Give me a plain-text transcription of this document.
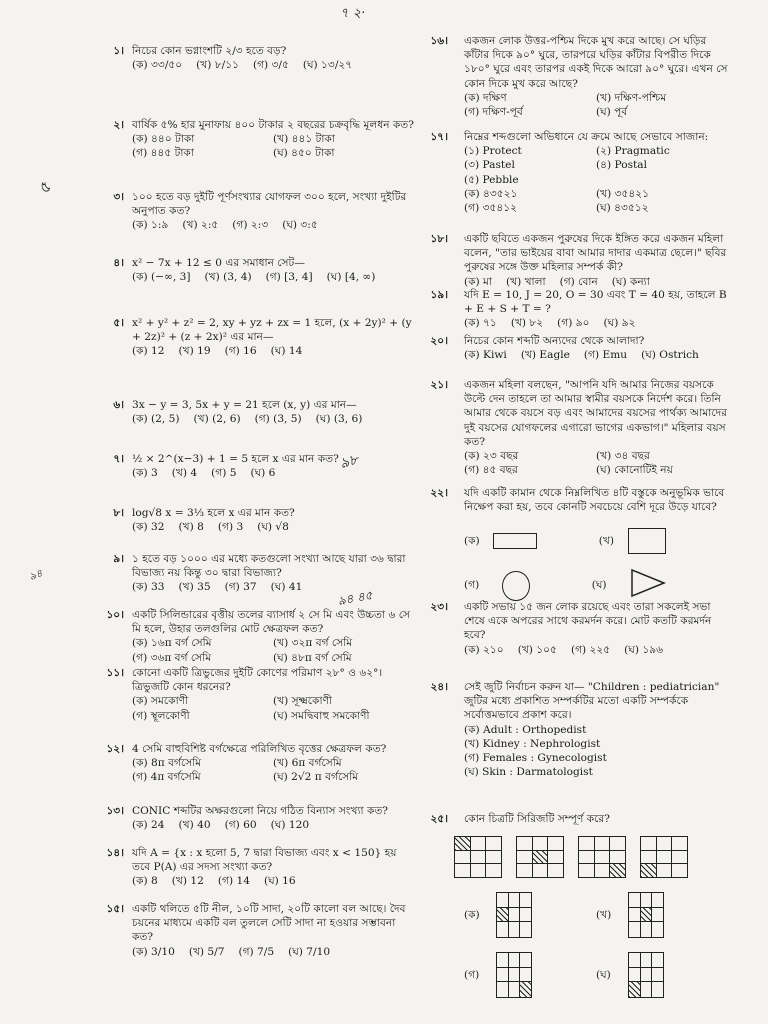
৭ ২·
১। নিচের কোন ভগ্নাংশটি ২/৩ হতে বড়?
(ক) ৩৩/৫০ (খ) ৮/১১ (গ) ৩/৫ (ঘ) ১৩/২৭
২। বার্ষিক ৫% হার মুনাফায় ৪০০ টাকার ২ বছরের চক্রবৃদ্ধি মূলধন কত?
(ক) ৪৪০ টাকা	(খ) ৪৪১ টাকা
(গ) ৪৪৫ টাকা	(ঘ) ৪৫০ টাকা
৩। ১০০ হতে বড় দুইটি পূর্ণসংখ্যার যোগফল ৩০০ হলে, সংখ্যা দুইটির অনুপাত কত?
(ক) ১:৯ (খ) ২:৫ (গ) ২:৩ (ঘ) ৩:৫
৪। x² − 7x + 12 ≤ 0 এর সমাধান সেট—
(ক) (−∞, 3] (খ) (3, 4) (গ) [3, 4] (ঘ) [4, ∞)
৫। x² + y² + z² = 2, xy + yz + zx = 1 হলে, (x + 2y)² + (y + 2z)² + (z + 2x)² এর মান—
(ক) 12 (খ) 19 (গ) 16 (ঘ) 14
৬। 3x − y = 3, 5x + y = 21 হলে (x, y) এর মান—
(ক) (2, 5) (খ) (2, 6) (গ) (3, 5) (ঘ) (3, 6)
৭। ½ × 2^(x−3) + 1 = 5 হলে x এর মান কত?
(ক) 3 (খ) 4 (গ) 5 (ঘ) 6
৮। log√8 x = 3⅓ হলে x এর মান কত?
(ক) 32 (খ) 8 (গ) 3 (ঘ) √8
৯। ১ হতে বড় ১০০০ এর মধ্যে কতগুলো সংখ্যা আছে যারা ৩৬ দ্বারা বিভাজ্য নয় কিন্তু ৩০ দ্বারা বিভাজ্য?
(ক) 33 (খ) 35 (গ) 37 (ঘ) 41
১০। একটি সিলিন্ডারের বৃত্তীয় তলের ব্যাসার্ধ ২ সে মি এবং উচ্চতা ৬ সে মি হলে, উহার তলগুলির মোট ক্ষেত্রফল কত?
(ক) ১৬π বর্গ সেমি	(খ) ৩২π বর্গ সেমি
(গ) ৩৬π বর্গ সেমি	(ঘ) ৪৮π বর্গ সেমি
১১। কোনো একটি ত্রিভুজের দুইটি কোণের পরিমাণ ২৮° ও ৬২°। ত্রিভুজটি কোন ধরনের?
(ক) সমকোণী	(খ) সূক্ষ্মকোণী
(গ) স্থূলকোণী	(ঘ) সমদ্বিবাহু সমকোণী
১২। 4 সেমি বাহুবিশিষ্ট বর্গক্ষেত্রে পরিলিখিত বৃত্তের ক্ষেত্রফল কত?
(ক) 8π বর্গসেমি	(খ) 6π বর্গসেমি
(গ) 4π বর্গসেমি	(ঘ) 2√2 π বর্গসেমি
১৩। CONIC শব্দটির অক্ষরগুলো নিয়ে গঠিত বিন্যাস সংখ্যা কত?
(ক) 24 (খ) 40 (গ) 60 (ঘ) 120
১৪। যদি A = {x : x হলো 5, 7 দ্বারা বিভাজ্য এবং x < 150} হয় তবে P(A) এর সদস্য সংখ্যা কত?
(ক) 8 (খ) 12 (গ) 14 (ঘ) 16
১৫। একটি থলিতে ৫টি নীল, ১০টি সাদা, ২০টি কালো বল আছে। দৈব চয়নের মাধ্যমে একটি বল তুললে সেটি সাদা না হওয়ার সম্ভাবনা কত?
(ক) 3/10 (খ) 5/7 (গ) 7/5 (ঘ) 7/10
১৬। একজন লোক উত্তর-পশ্চিম দিকে মুখ করে আছে। সে ঘড়ির কাঁটার দিকে ৯০° ঘুরে, তারপরে ঘড়ির কাঁটার বিপরীত দিকে ১৮০° ঘুরে এবং তারপর একই দিকে আরো ৯০° ঘুরে। এখন সে কোন দিকে মুখ করে আছে?
(ক) দক্ষিণ	(খ) দক্ষিণ-পশ্চিম
(গ) দক্ষিণ-পূর্ব	(ঘ) পূর্ব
১৭। নিম্নের শব্দগুলো অভিধানে যে ক্রমে আছে সেভাবে সাজান:
(১) Protect	(২) Pragmatic
(৩) Pastel	(৪) Postal
(৫) Pebble
(ক) ৪৩৫২১	(খ) ৩৫৪২১
(গ) ৩৫৪১২	(ঘ) ৪৩৫১২
১৮। একটি ছবিতে একজন পুরুষের দিকে ইঙ্গিত করে একজন মহিলা বলেন, "তার ভাইয়ের বাবা আমার দাদার একমাত্র ছেলে।" ছবির পুরুষের সঙ্গে উক্ত মহিলার সম্পর্ক কী?
(ক) মা (খ) খালা (গ) বোন (ঘ) কন্যা
১৯। যদি E = 10, J = 20, O = 30 এবং T = 40 হয়, তাহলে B + E + S + T = ?
(ক) ৭১ (খ) ৮২ (গ) ৯০ (ঘ) ৯২
২০। নিচের কোন শব্দটি অন্যদের থেকে আলাদা?
(ক) Kiwi (খ) Eagle (গ) Emu (ঘ) Ostrich
২১। একজন মহিলা বলছেন, "আপনি যদি আমার নিজের বয়সকে উল্টে দেন তাহলে তা আমার স্বামীর বয়সকে নির্দেশ করে। তিনি আমার থেকে বয়সে বড় এবং আমাদের বয়সের পার্থক্য আমাদের দুই বয়সের যোগফলের এগারো ভাগের একভাগ।" মহিলার বয়স কত?
(ক) ২৩ বছর	(খ) ৩৪ বছর
(গ) ৪৫ বছর	(ঘ) কোনোটিই নয়
২২। যদি একটি কামান থেকে নিম্নলিখিত ৪টি বস্তুকে অনুভূমিক ভাবে নিক্ষেপ করা হয়, তবে কোনটি সবচেয়ে বেশি দূরে উড়ে যাবে?
(ক)	(খ)
(গ)	(ঘ)
২৩। একটি সভায় ১৫ জন লোক রয়েছে এবং তারা সকলেই সভা শেষে একে অপরের সাথে করমর্দন করে। মোট কতটি করমর্দন হবে?
(ক) ২১০ (খ) ১০৫ (গ) ২২৫ (ঘ) ১৯৬
২৪। সেই জুটি নির্বাচন করুন যা— "Children : pediatrician" জুটির মধ্যে প্রকাশিত সম্পর্কটির মতো একটি সম্পর্ককে সর্বোত্তমভাবে প্রকাশ করে।
(ক) Adult : Orthopedist
(খ) Kidney : Nephrologist
(গ) Females : Gynecologist
(ঘ) Skin : Darmatologist
২৫। কোন চিত্রটি সিরিজটি সম্পূর্ণ করে?
(ক)	(খ)
(গ)	(ঘ)
৫
৯৪
৯৮
৯৪ ৪৫
